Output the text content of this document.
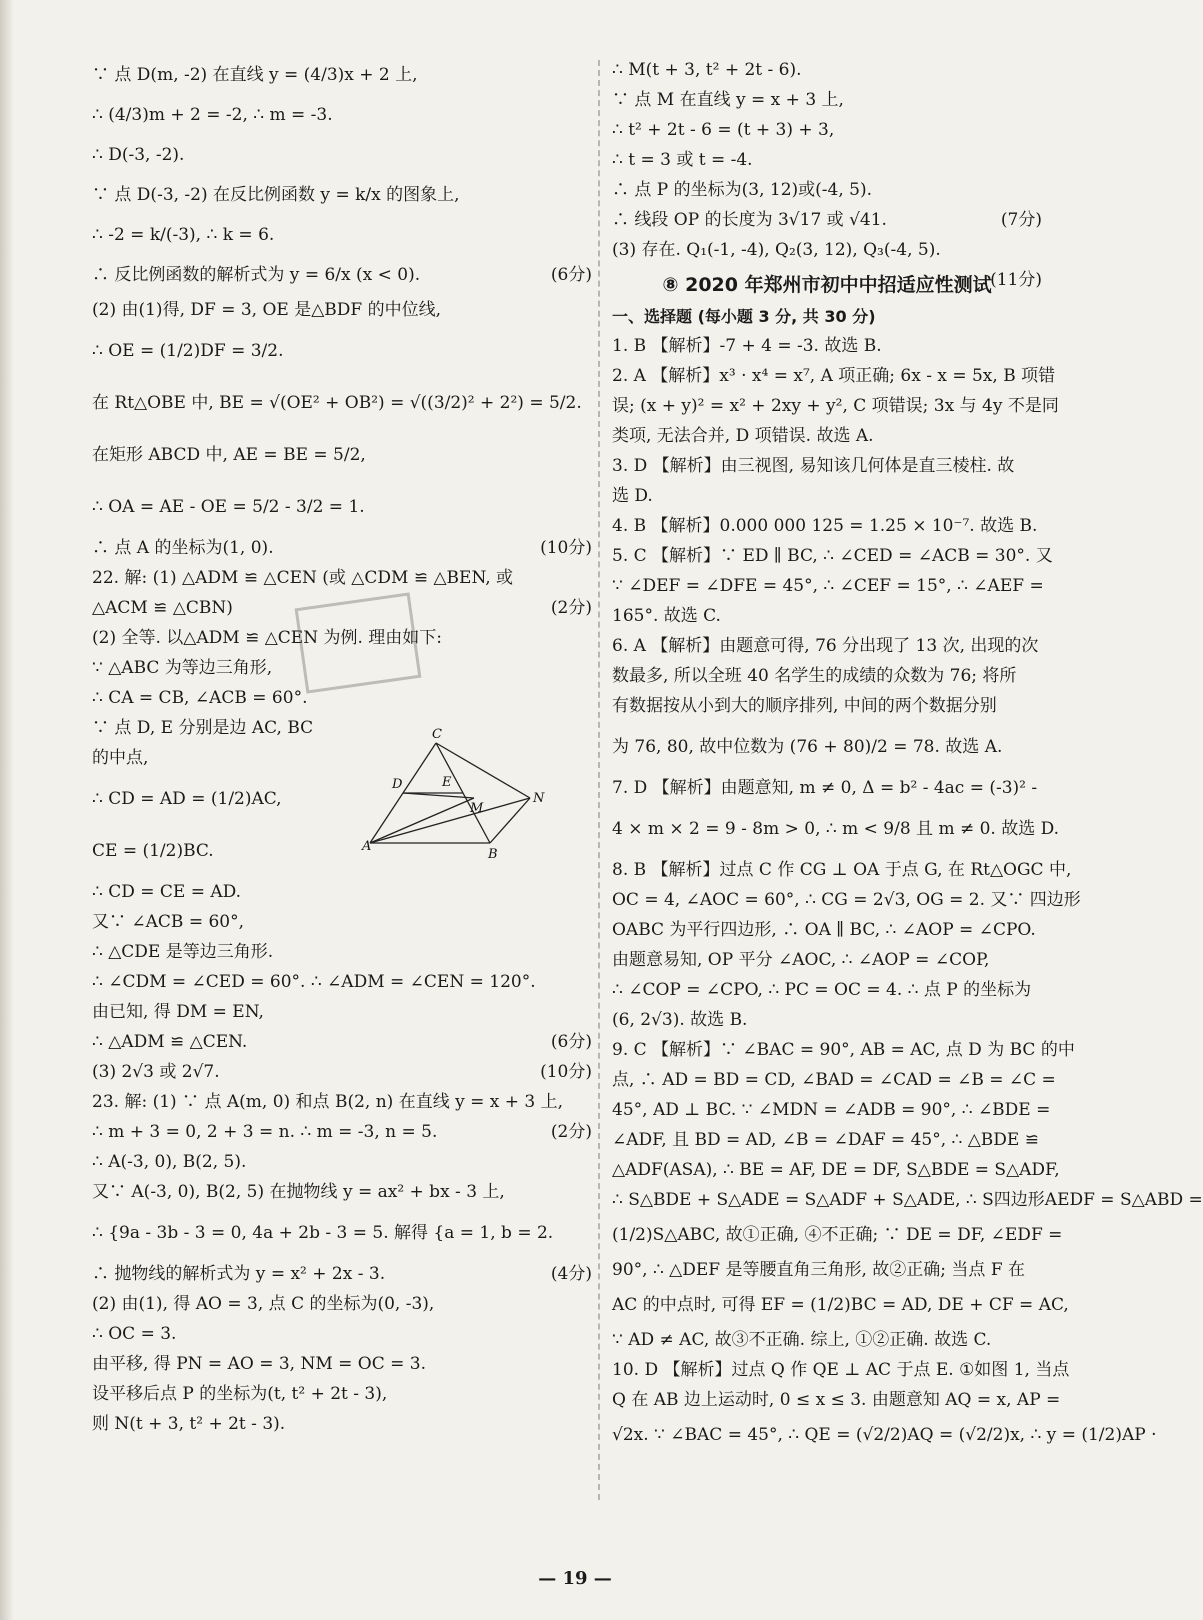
∵ 点 D(m, -2) 在直线 y = (4/3)x + 2 上,
∴ (4/3)m + 2 = -2, ∴ m = -3.
∴ D(-3, -2).
∵ 点 D(-3, -2) 在反比例函数 y = k/x 的图象上,
∴ -2 = k/(-3), ∴ k = 6.
∴ 反比例函数的解析式为 y = 6/x (x < 0).	(6分)
(2) 由(1)得, DF = 3, OE 是△BDF 的中位线,
∴ OE = (1/2)DF = 3/2.
在 Rt△OBE 中, BE = √(OE² + OB²) = √((3/2)² + 2²) = 5/2.
在矩形 ABCD 中, AE = BE = 5/2,
∴ OA = AE - OE = 5/2 - 3/2 = 1.
∴ 点 A 的坐标为(1, 0).	(10分)
22. 解: (1) △ADM ≌ △CEN (或 △CDM ≌ △BEN, 或
△ACM ≌ △CBN)	(2分)
(2) 全等. 以△ADM ≌ △CEN 为例. 理由如下:
∵ △ABC 为等边三角形,
∴ CA = CB, ∠ACB = 60°.
∵ 点 D, E 分别是边 AC, BC
的中点,
∴ CD = AD = (1/2)AC,
CE = (1/2)BC.
∴ CD = CE = AD.
又∵ ∠ACB = 60°,
∴ △CDE 是等边三角形.
∴ ∠CDM = ∠CED = 60°. ∴ ∠ADM = ∠CEN = 120°.
由已知, 得 DM = EN,
∴ △ADM ≌ △CEN.	(6分)
(3) 2√3 或 2√7.	(10分)
23. 解: (1) ∵ 点 A(m, 0) 和点 B(2, n) 在直线 y = x + 3 上,
∴ m + 3 = 0, 2 + 3 = n. ∴ m = -3, n = 5.	(2分)
∴ A(-3, 0), B(2, 5).
又∵ A(-3, 0), B(2, 5) 在抛物线 y = ax² + bx - 3 上,
∴ {9a - 3b - 3 = 0, 4a + 2b - 3 = 5. 解得 {a = 1, b = 2.
∴ 抛物线的解析式为 y = x² + 2x - 3.	(4分)
(2) 由(1), 得 AO = 3, 点 C 的坐标为(0, -3),
∴ OC = 3.
由平移, 得 PN = AO = 3, NM = OC = 3.
设平移后点 P 的坐标为(t, t² + 2t - 3),
则 N(t + 3, t² + 2t - 3).
∴ M(t + 3, t² + 2t - 6).
∵ 点 M 在直线 y = x + 3 上,
∴ t² + 2t - 6 = (t + 3) + 3,
∴ t = 3 或 t = -4.
∴ 点 P 的坐标为(3, 12)或(-4, 5).
∴ 线段 OP 的长度为 3√17 或 √41.	(7分)
(3) 存在. Q₁(-1, -4), Q₂(3, 12), Q₃(-4, 5).
(11分)
⑧ 2020 年郑州市初中中招适应性测试
一、选择题 (每小题 3 分, 共 30 分)
1. B 【解析】-7 + 4 = -3. 故选 B.
2. A 【解析】x³ · x⁴ = x⁷, A 项正确; 6x - x = 5x, B 项错
误; (x + y)² = x² + 2xy + y², C 项错误; 3x 与 4y 不是同
类项, 无法合并, D 项错误. 故选 A.
3. D 【解析】由三视图, 易知该几何体是直三棱柱. 故
选 D.
4. B 【解析】0.000 000 125 = 1.25 × 10⁻⁷. 故选 B.
5. C 【解析】∵ ED ∥ BC, ∴ ∠CED = ∠ACB = 30°. 又
∵ ∠DEF = ∠DFE = 45°, ∴ ∠CEF = 15°, ∴ ∠AEF =
165°. 故选 C.
6. A 【解析】由题意可得, 76 分出现了 13 次, 出现的次
数最多, 所以全班 40 名学生的成绩的众数为 76; 将所
有数据按从小到大的顺序排列, 中间的两个数据分别
为 76, 80, 故中位数为 (76 + 80)/2 = 78. 故选 A.
7. D 【解析】由题意知, m ≠ 0, Δ = b² - 4ac = (-3)² -
4 × m × 2 = 9 - 8m > 0, ∴ m < 9/8 且 m ≠ 0. 故选 D.
8. B 【解析】过点 C 作 CG ⊥ OA 于点 G, 在 Rt△OGC 中,
OC = 4, ∠AOC = 60°, ∴ CG = 2√3, OG = 2. 又∵ 四边形
OABC 为平行四边形, ∴ OA ∥ BC, ∴ ∠AOP = ∠CPO.
由题意易知, OP 平分 ∠AOC, ∴ ∠AOP = ∠COP,
∴ ∠COP = ∠CPO, ∴ PC = OC = 4. ∴ 点 P 的坐标为
(6, 2√3). 故选 B.
9. C 【解析】∵ ∠BAC = 90°, AB = AC, 点 D 为 BC 的中
点, ∴ AD = BD = CD, ∠BAD = ∠CAD = ∠B = ∠C =
45°, AD ⊥ BC. ∵ ∠MDN = ∠ADB = 90°, ∴ ∠BDE =
∠ADF, 且 BD = AD, ∠B = ∠DAF = 45°, ∴ △BDE ≌
△ADF(ASA), ∴ BE = AF, DE = DF, S△BDE = S△ADF,
∴ S△BDE + S△ADE = S△ADF + S△ADE, ∴ S四边形AEDF = S△ABD =
(1/2)S△ABC, 故①正确, ④不正确; ∵ DE = DF, ∠EDF =
90°, ∴ △DEF 是等腰直角三角形, 故②正确; 当点 F 在
AC 的中点时, 可得 EF = (1/2)BC = AD, DE + CF = AC,
∵ AD ≠ AC, 故③不正确. 综上, ①②正确. 故选 C.
10. D 【解析】过点 Q 作 QE ⊥ AC 于点 E. ①如图 1, 当点
Q 在 AB 边上运动时, 0 ≤ x ≤ 3. 由题意知 AQ = x, AP =
√2x. ∵ ∠BAC = 45°, ∴ QE = (√2/2)AQ = (√2/2)x, ∴ y = (1/2)AP ·
C
D	E
M
N
A
B
— 19 —
